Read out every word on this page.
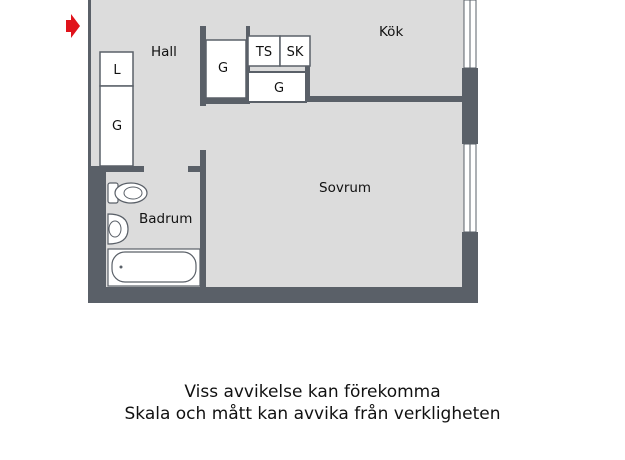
Kök
Hall
Sovrum
Badrum
L
G
G
TS SK
G
Viss avvikelse kan förekomma
Skala och mått kan avvika från verkligheten
